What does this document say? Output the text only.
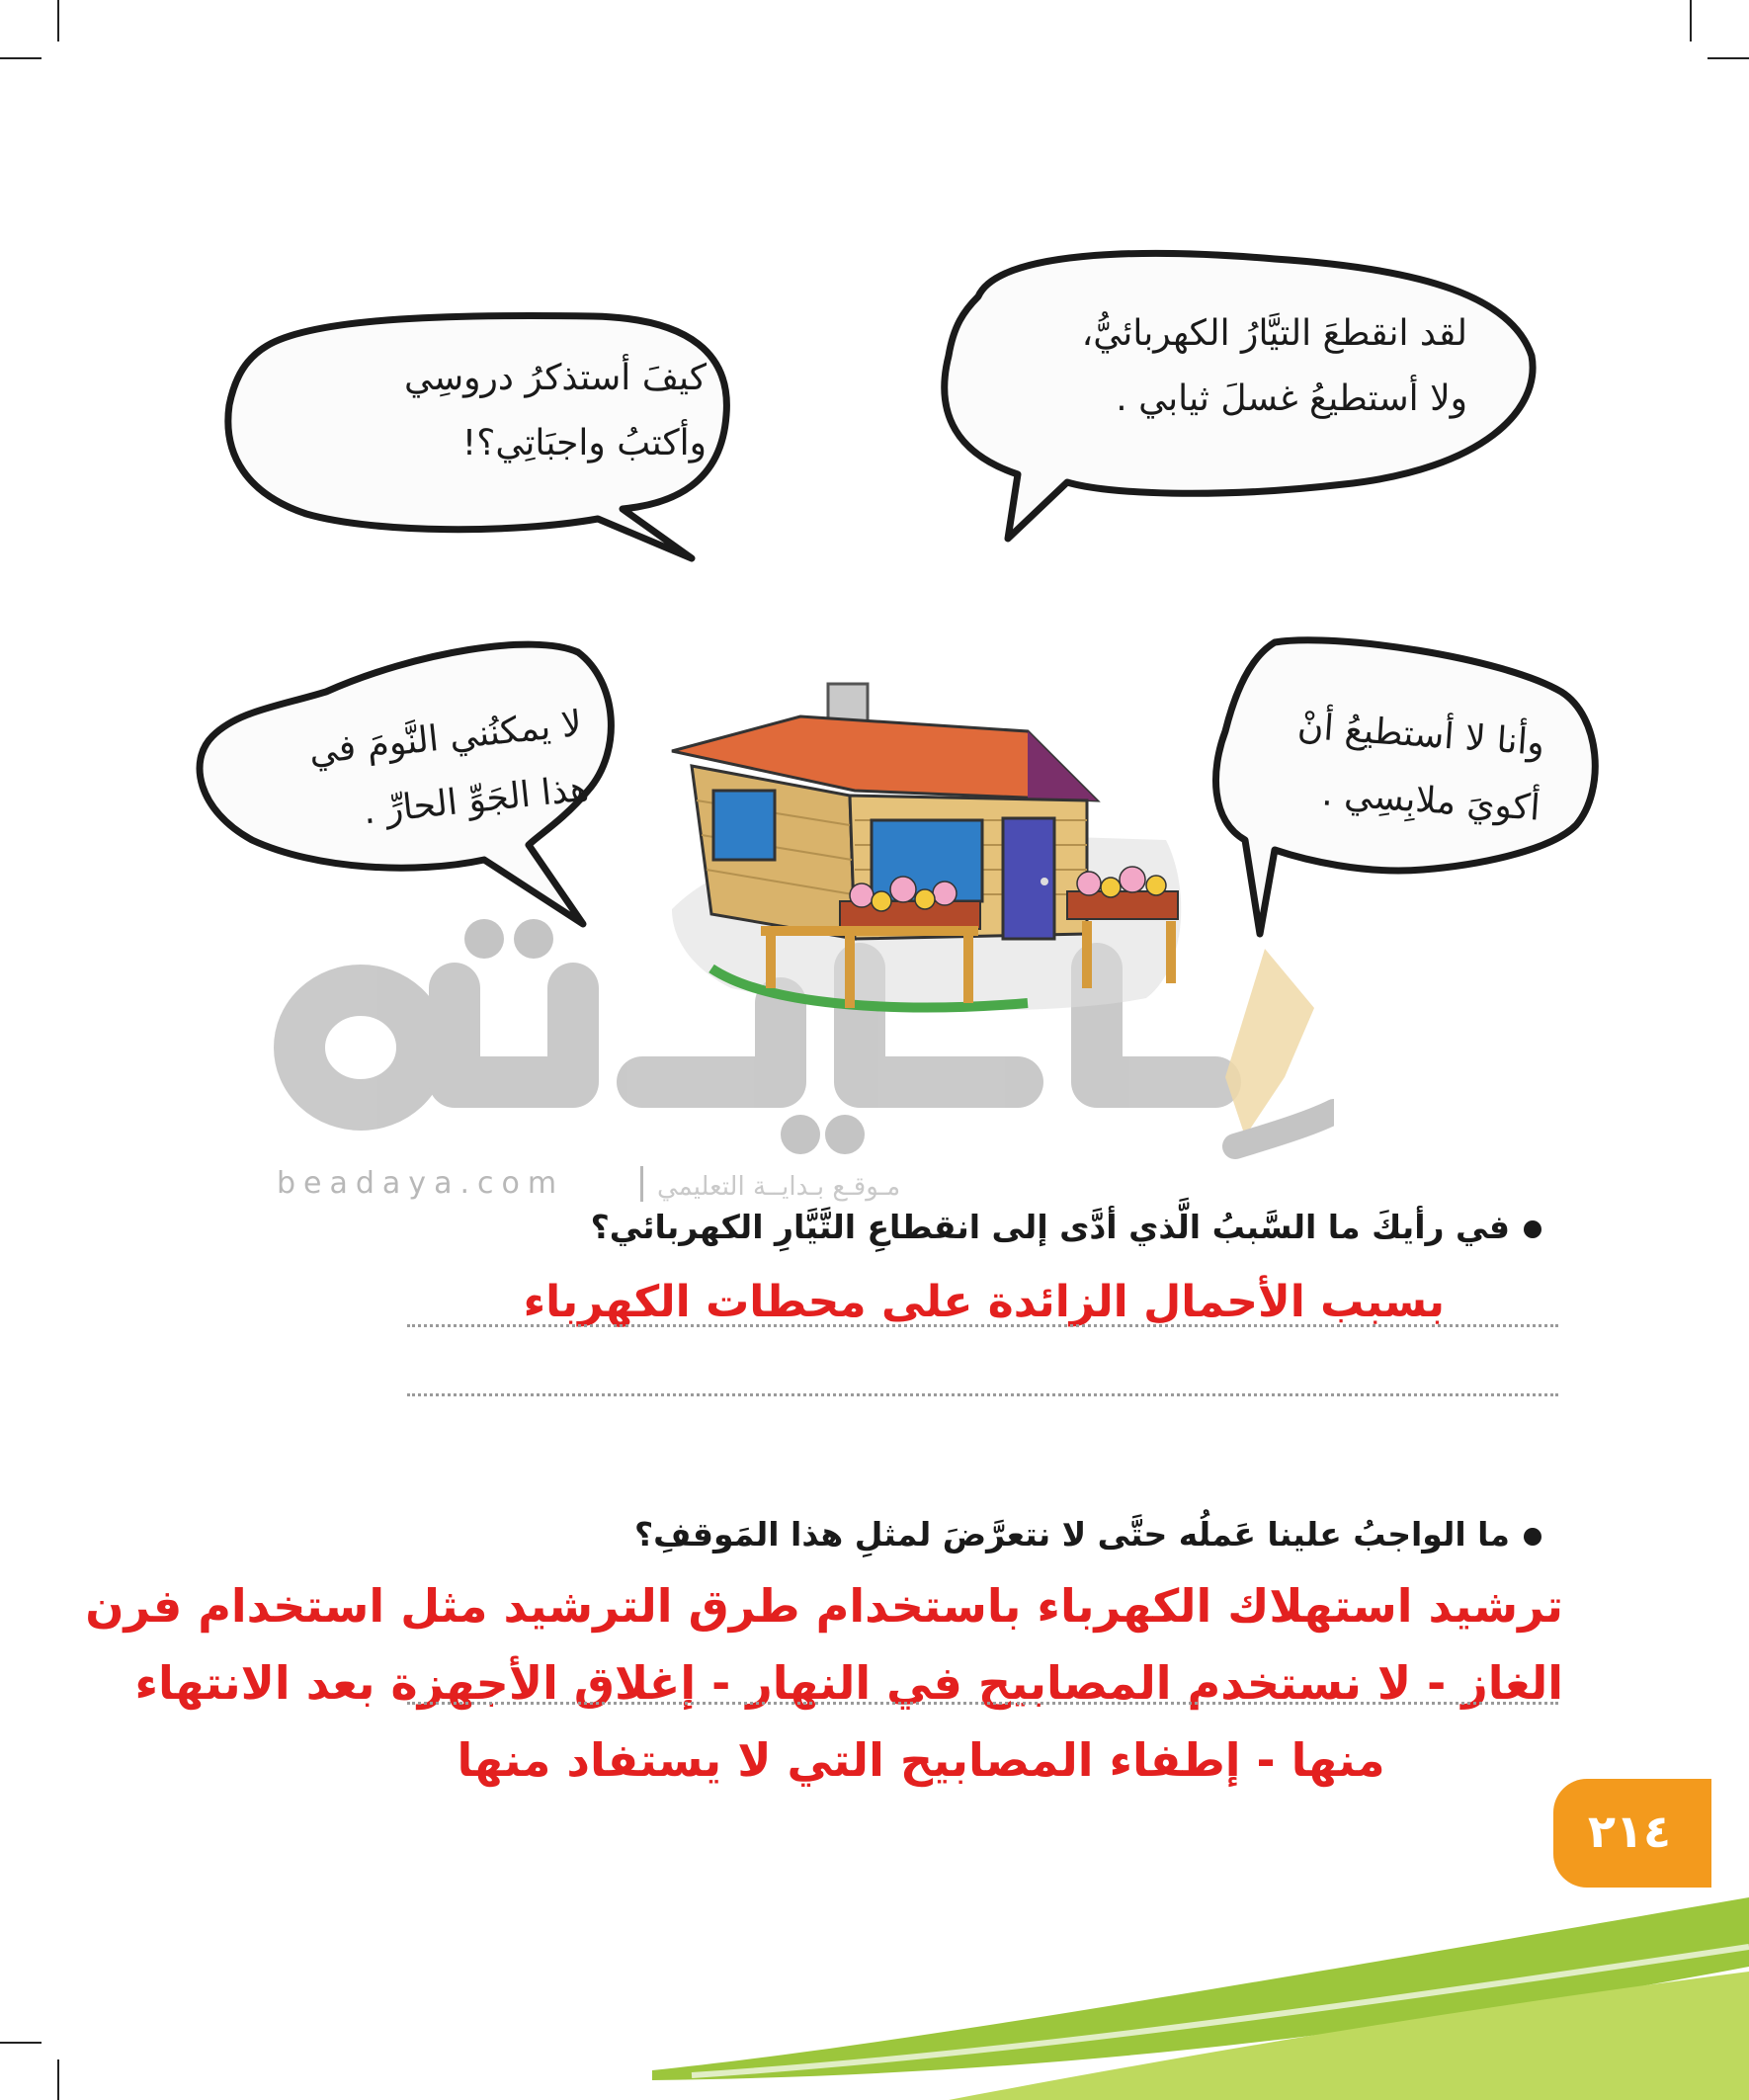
لقد انقطعَ التيَّارُ الكهربائيُّ،
ولا أستطيعُ غسلَ ثيابي .
كيفَ أستذكرُ دروسِي
وأكتبُ واجبَاتِي؟!
لا يمكنُني النَّومَ في
هذا الجَوِّ الحارِّ .
وأنا لا أستطيعُ أنْ
أكويَ ملابِسِي .
beadaya.com	مـوقـع بـدايــة التعليمي
في رأيكَ ما السَّببُ الَّذي أدَّى إلى انقطاعِ التَّيَّارِ الكهربائي؟
بسبب الأحمال الزائدة على محطات الكهرباء
ما الواجبُ علينا عَملُه حتَّى لا نتعرَّضَ لمثلِ هذا المَوقفِ؟
ترشيد استهلاك الكهرباء باستخدام طرق الترشيد مثل استخدام فرن
الغاز - لا نستخدم المصابيح في النهار - إغلاق الأجهزة بعد الانتهاء
منها - إطفاء المصابيح التي لا يستفاد منها
٢١٤
